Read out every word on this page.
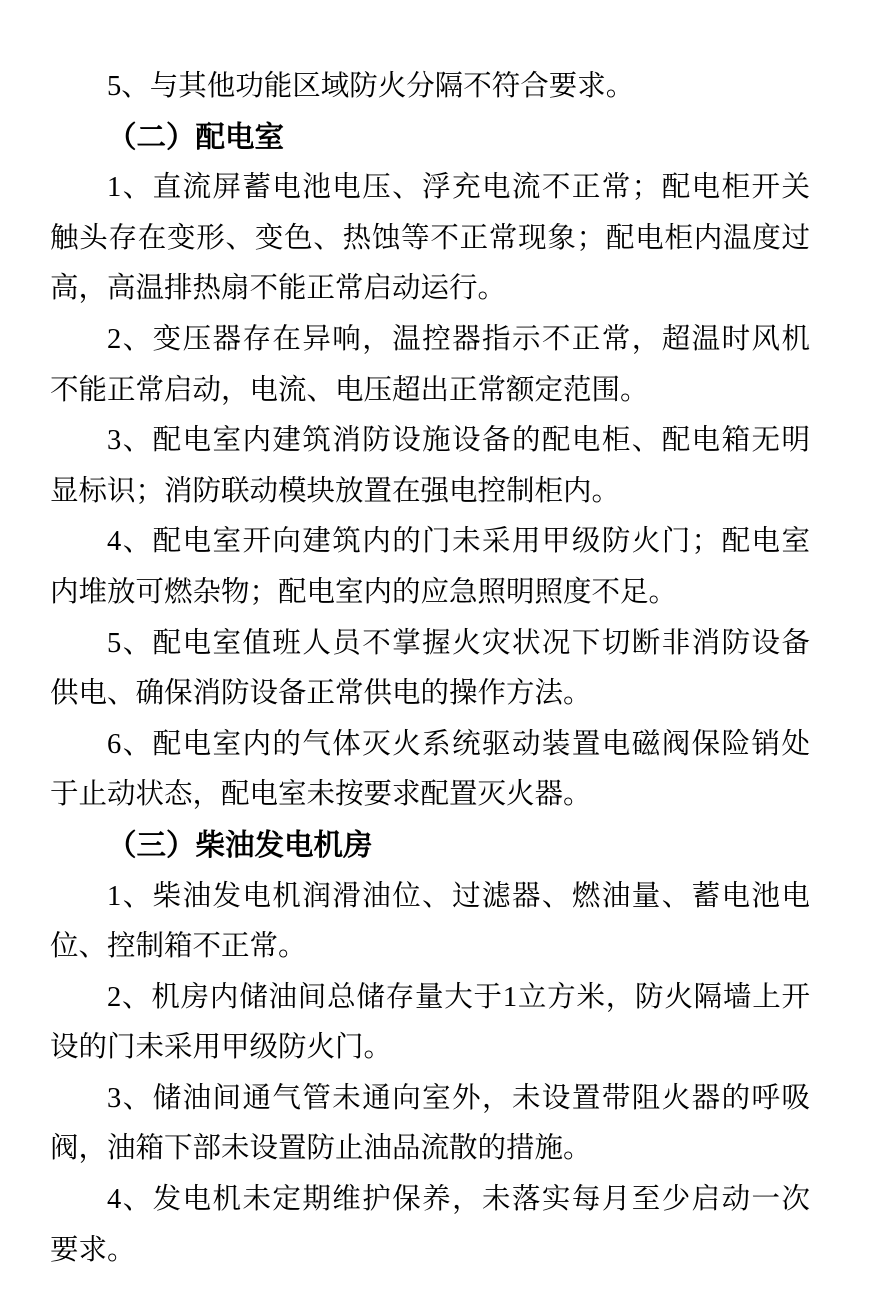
5、与其他功能区域防火分隔不符合要求。
（二）配电室
1、直流屏蓄电池电压、浮充电流不正常；配电柜开关
触头存在变形、变色、热蚀等不正常现象；配电柜内温度过
高，高温排热扇不能正常启动运行。
2、变压器存在异响，温控器指示不正常，超温时风机
不能正常启动，电流、电压超出正常额定范围。
3、配电室内建筑消防设施设备的配电柜、配电箱无明
显标识；消防联动模块放置在强电控制柜内。
4、配电室开向建筑内的门未采用甲级防火门；配电室
内堆放可燃杂物；配电室内的应急照明照度不足。
5、配电室值班人员不掌握火灾状况下切断非消防设备
供电、确保消防设备正常供电的操作方法。
6、配电室内的气体灭火系统驱动装置电磁阀保险销处
于止动状态，配电室未按要求配置灭火器。
（三）柴油发电机房
1、柴油发电机润滑油位、过滤器、燃油量、蓄电池电
位、控制箱不正常。
2、机房内储油间总储存量大于1立方米，防火隔墙上开
设的门未采用甲级防火门。
3、储油间通气管未通向室外，未设置带阻火器的呼吸
阀，油箱下部未设置防止油品流散的措施。
4、发电机未定期维护保养，未落实每月至少启动一次
要求。
